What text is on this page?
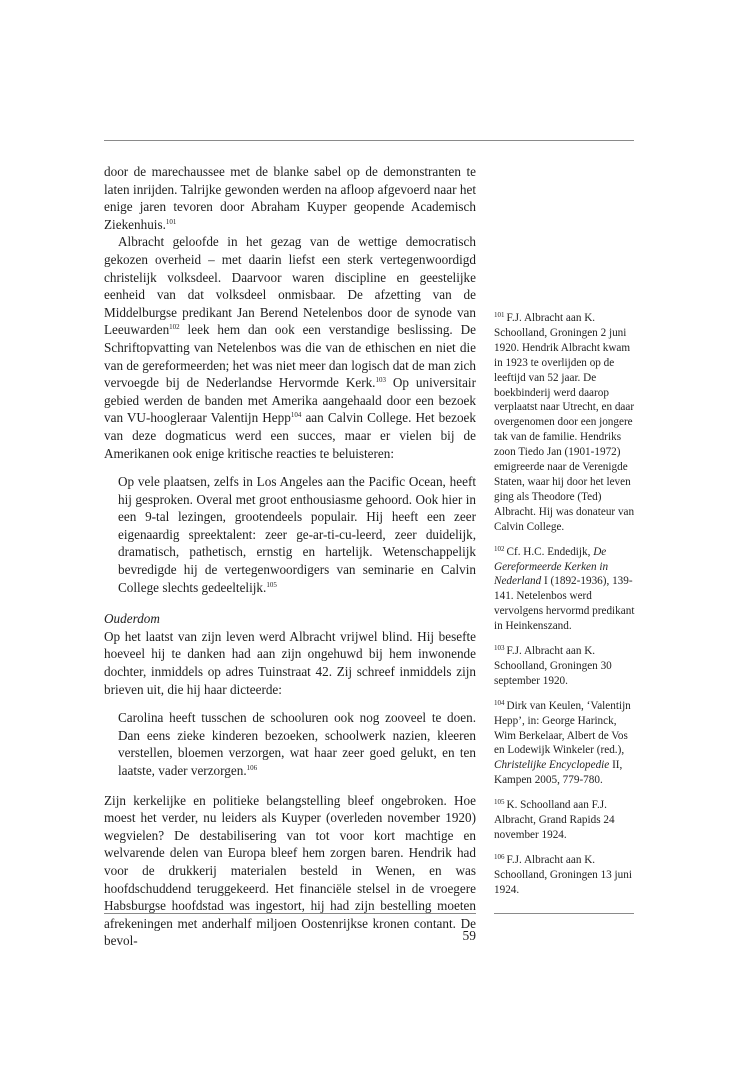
door de marechaussee met de blanke sabel op de demonstranten te laten inrijden. Talrijke gewonden werden na afloop afgevoerd naar het enige jaren tevoren door Abraham Kuyper geopende Academisch Ziekenhuis.$^{101}$

Albracht geloofde in het gezag van de wettige democratisch gekozen overheid – met daarin liefst een sterk vertegenwoordigd christelijk volksdeel. Daarvoor waren discipline en geestelijke eenheid van dat volksdeel onmisbaar. De afzetting van de Middelburgse predikant Jan Berend Netelenbos door de synode van Leeuwarden$^{102}$ leek hem dan ook een verstandige beslissing. De Schriftopvatting van Netelenbos was die van de ethischen en niet die van de gereformeerden; het was niet meer dan logisch dat de man zich vervoegde bij de Nederlandse Hervormde Kerk.$^{103}$ Op universitair gebied werden de banden met Amerika aangehaald door een bezoek van VU-hoogleraar Valentijn Hepp$^{104}$ aan Calvin College. Het bezoek van deze dogmaticus werd een succes, maar er vielen bij de Amerikanen ook enige kritische reacties te beluisteren:

Op vele plaatsen, zelfs in Los Angeles aan the Pacific Ocean, heeft hij gesproken. Overal met groot enthousiasme gehoord. Ook hier in een 9-tal lezingen, grootendeels populair. Hij heeft een zeer eigenaardig spreektalent: zeer ge-ar-ti-cu-leerd, zeer duidelijk, dramatisch, pathetisch, ernstig en hartelijk. Wetenschappelijk bevredigde hij de vertegenwoordigers van seminarie en Calvin College slechts gedeeltelijk.$^{105}$
Ouderdom

Op het laatst van zijn leven werd Albracht vrijwel blind. Hij besefte hoeveel hij te danken had aan zijn ongehuwd bij hem inwonende dochter, inmiddels op adres Tuinstraat 42. Zij schreef inmiddels zijn brieven uit, die hij haar dicteerde:

Carolina heeft tusschen de schooluren ook nog zooveel te doen. Dan eens zieke kinderen bezoeken, schoolwerk nazien, kleeren verstellen, bloemen verzorgen, wat haar zeer goed gelukt, en ten laatste, vader verzorgen.$^{106}$

Zijn kerkelijke en politieke belangstelling bleef ongebroken. Hoe moest het verder, nu leiders als Kuyper (overleden november 1920) wegvielen? De destabilisering van tot voor kort machtige en welvarende delen van Europa bleef hem zorgen baren. Hendrik had voor de drukkerij materialen besteld in Wenen, en was hoofdschuddend teruggekeerd. Het financiële stelsel in de vroegere Habsburgse hoofdstad was ingestort, hij had zijn bestelling moeten afrekeningen met anderhalf miljoen Oostenrijkse kronen contant. De bevol-

$^{101}$ F.J. Albracht aan K. Schoolland, Groningen 2 juni 1920. Hendrik Albracht kwam in 1923 te overlijden op de leeftijd van 52 jaar. De boekbinderij werd daarop verplaatst naar Utrecht, en daar overgenomen door een jongere tak van de familie. Hendriks zoon Tiedo Jan (1901-1972) emigreerde naar de Verenigde Staten, waar hij door het leven ging als Theodore (Ted) Albracht. Hij was donateur van Calvin College.

$^{102}$ Cf. H.C. Endedijk, De Gereformeerde Kerken in Nederland I (1892-1936), 139-141. Netelenbos werd vervolgens hervormd predikant in Heinkenszand.

$^{103}$ F.J. Albracht aan K. Schoolland, Groningen 30 september 1920.

$^{104}$ Dirk van Keulen, ‘Valentijn Hepp’, in: George Harinck, Wim Berkelaar, Albert de Vos en Lodewijk Winkeler (red.), Christelijke Encyclopedie II, Kampen 2005, 779-780.

$^{105}$ K. Schoolland aan F.J. Albracht, Grand Rapids 24 november 1924.

$^{106}$ F.J. Albracht aan K. Schoolland, Groningen 13 juni 1924.

59
